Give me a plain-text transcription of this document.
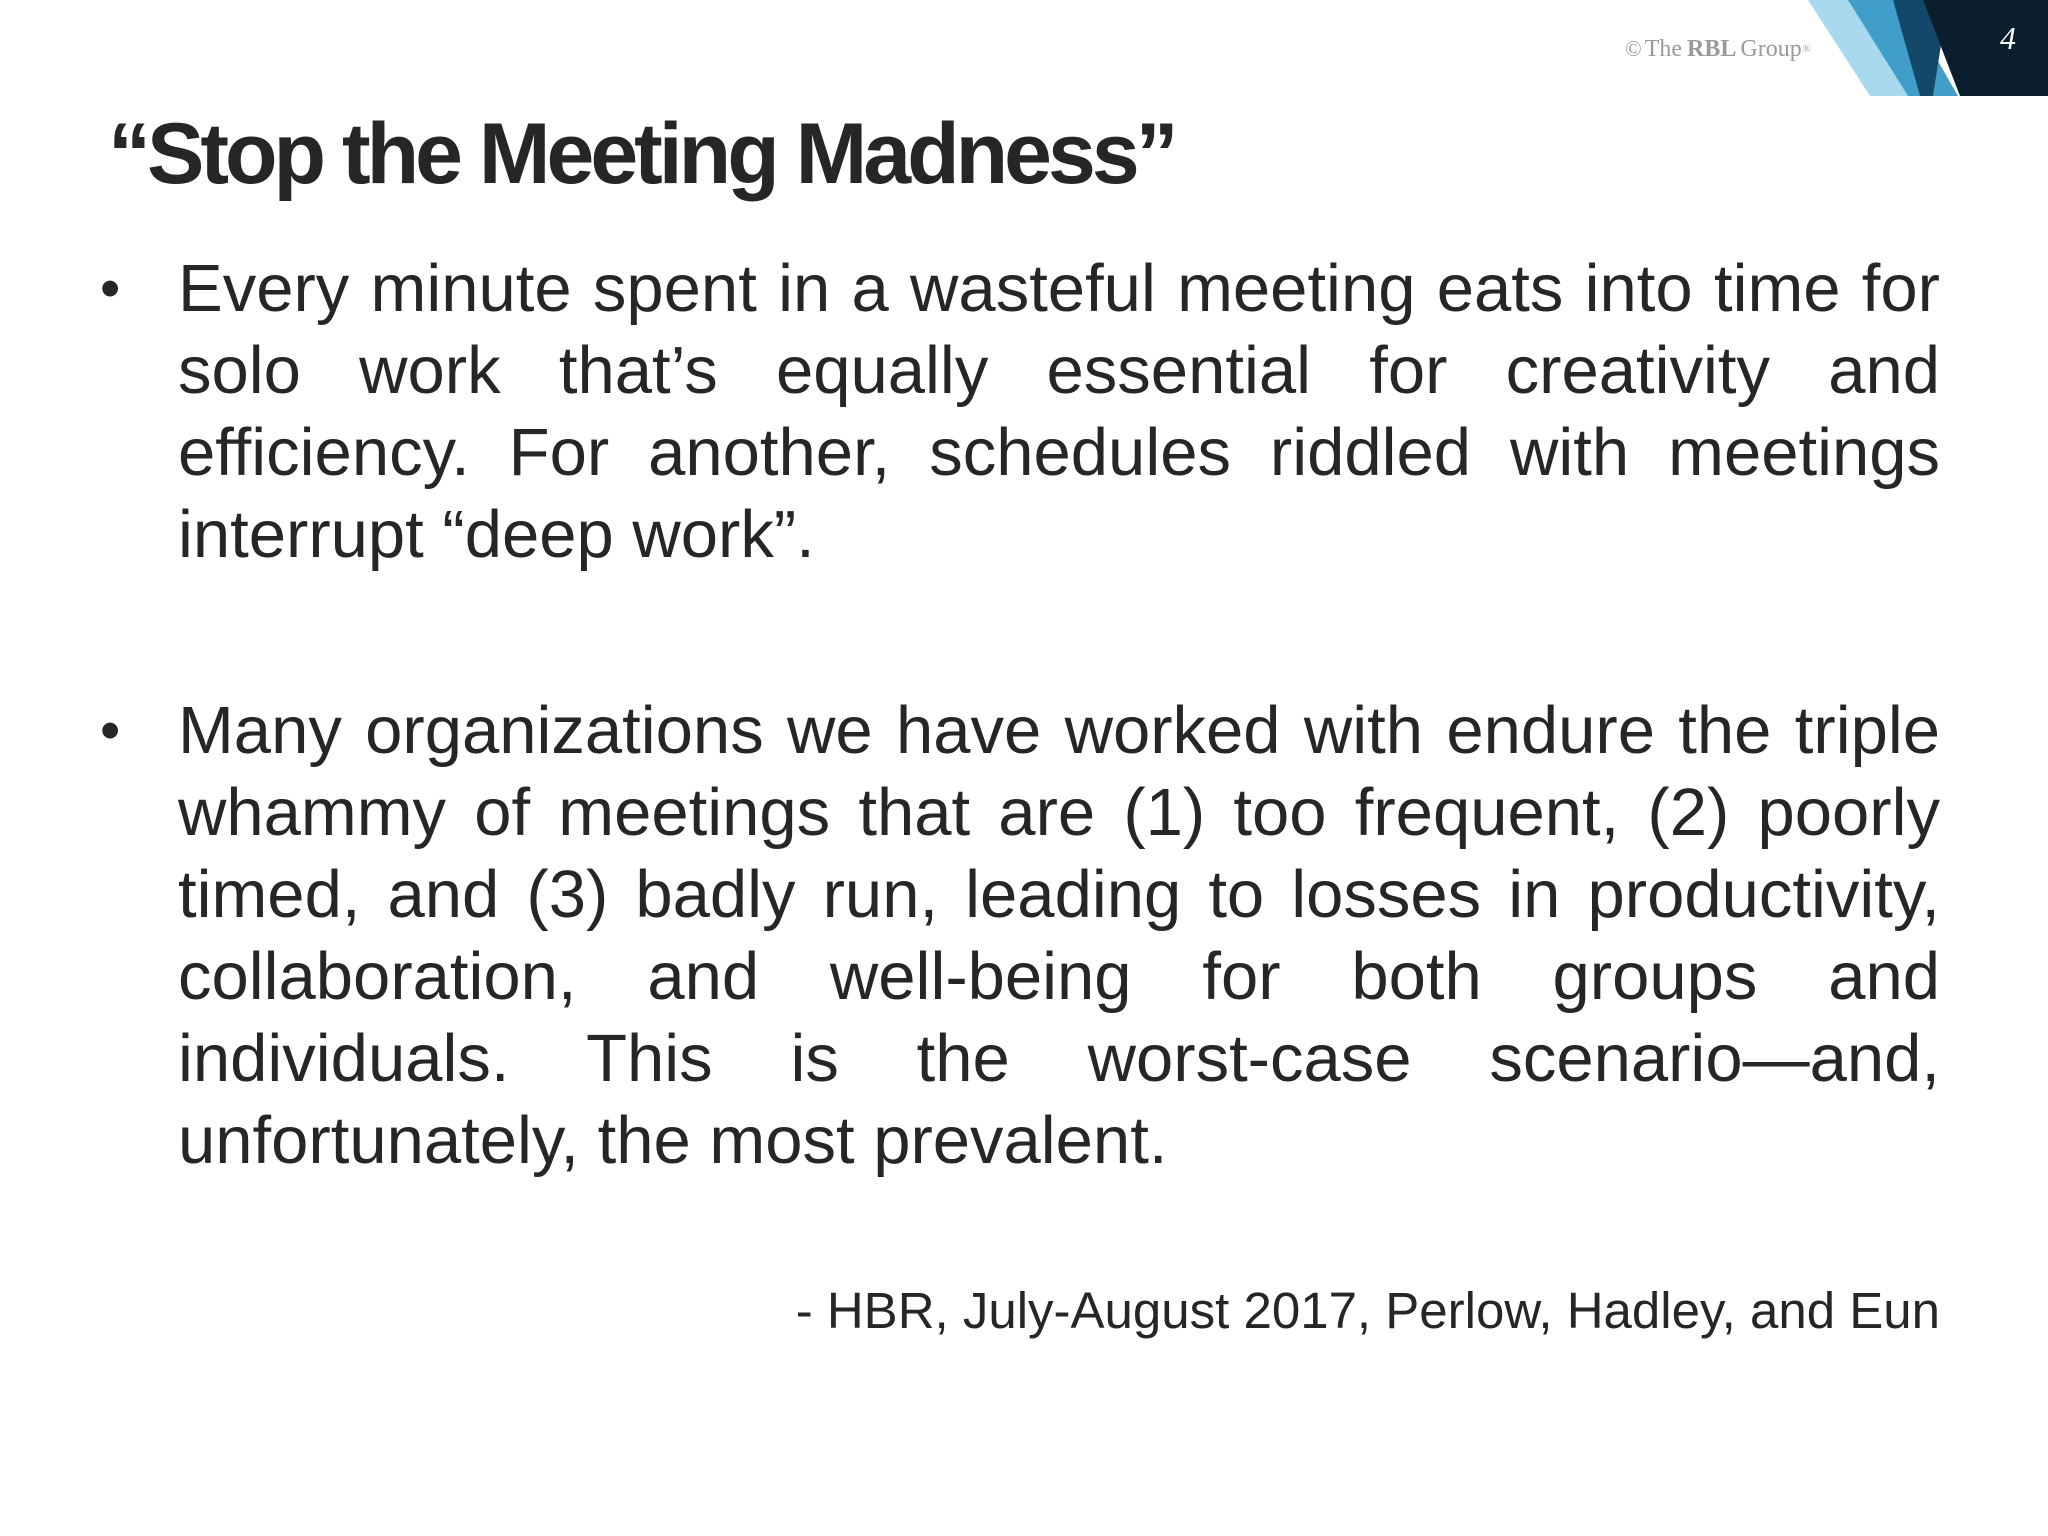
4
© The RBL Group ®
“Stop the Meeting Madness”
• Every minute spent in a wasteful meeting eats into time for solo work that’s equally essential for creativity and efficiency. For another, schedules riddled with meetings interrupt “deep work”.
• Many organizations we have worked with endure the triple whammy of meetings that are (1) too frequent, (2) poorly timed, and (3) badly run, leading to losses in productivity, collaboration, and well-being for both groups and individuals. This is the worst-case scenario—and, unfortunately, the most prevalent.
- HBR, July-August 2017, Perlow, Hadley, and Eun
